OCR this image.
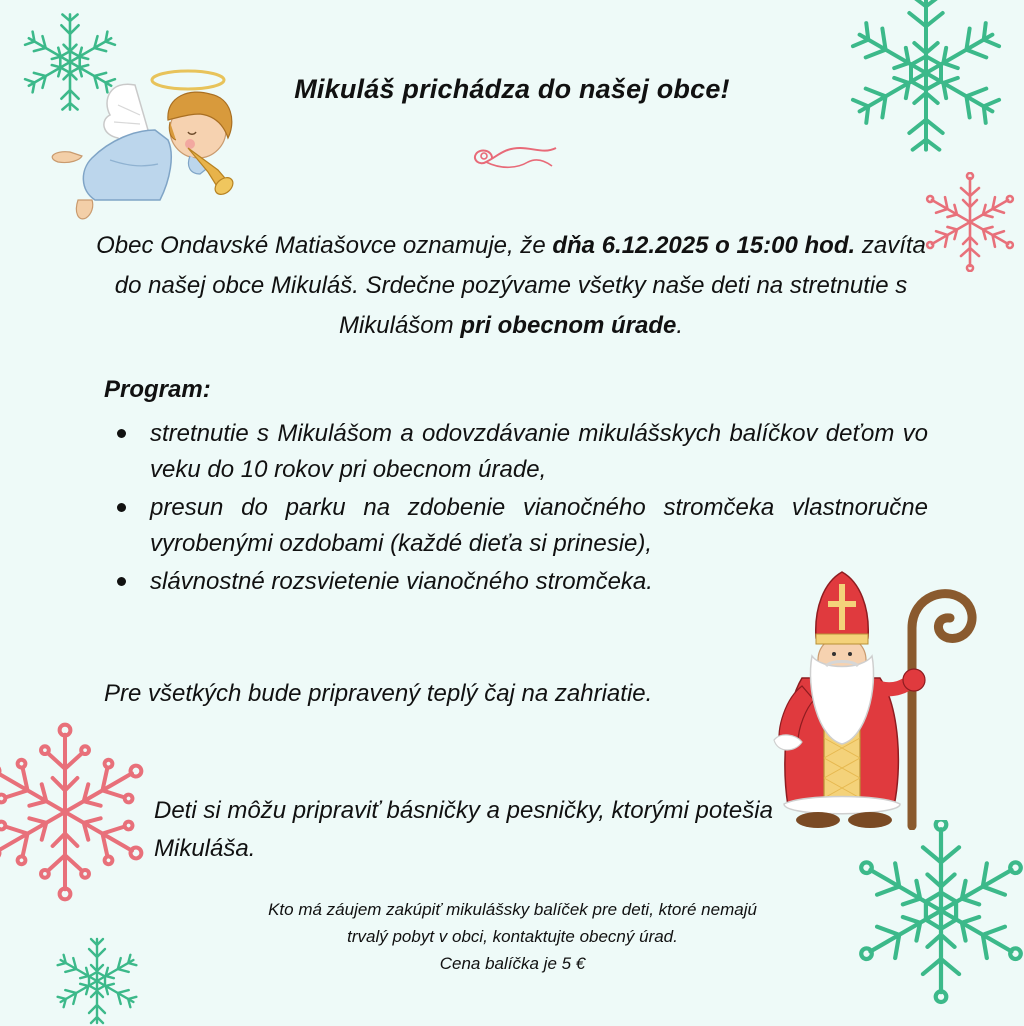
Mikuláš prichádza do našej obce!
Obec Ondavské Matiašovce oznamuje, že dňa 6.12.2025 o 15:00 hod. zavíta do našej obce Mikuláš. Srdečne pozývame všetky naše deti na stretnutie s Mikulášom pri obecnom úrade.
Program:
stretnutie s Mikulášom a odovzdávanie mikulášskych balíčkov deťom vo veku do 10 rokov pri obecnom úrade,
presun do parku na zdobenie vianočného stromčeka vlastnoručne vyrobenými ozdobami (každé dieťa si prinesie),
slávnostné rozsvietenie vianočného stromčeka.
Pre všetkých bude pripravený teplý čaj na zahriatie.
Deti si môžu pripraviť básničky a pesničky, ktorými potešia Mikuláša.
Kto má záujem zakúpiť mikulášsky balíček pre deti, ktoré nemajú
trvalý pobyt v obci, kontaktujte obecný úrad.
Cena balíčka je 5 €
